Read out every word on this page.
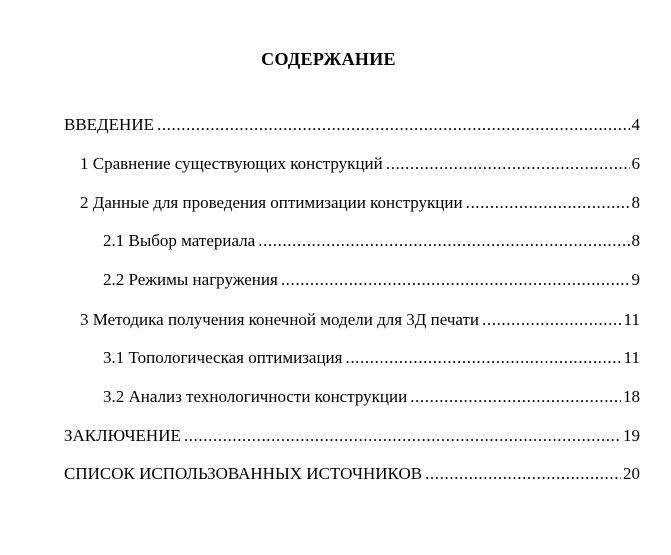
СОДЕРЖАНИЕ
ВВЕДЕНИЕ .....	4
1 Сравнение существующих конструкций .....	6
2 Данные для проведения оптимизации конструкции .....	8
2.1 Выбор материала .....	8
2.2 Режимы нагружения .....	9
3 Методика получения конечной модели для 3Д печати .....	11
3.1 Топологическая оптимизация .....	11
3.2 Анализ технологичности конструкции .....	18
ЗАКЛЮЧЕНИЕ .....	19
СПИСОК ИСПОЛЬЗОВАННЫХ ИСТОЧНИКОВ .....	20
